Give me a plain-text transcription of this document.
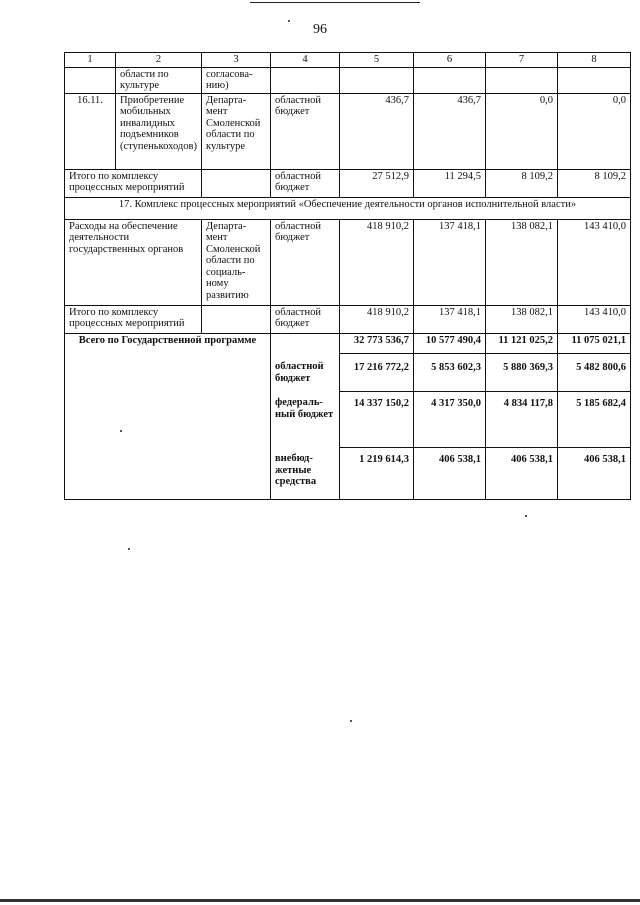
96
1	2	3	4	5	6	7	8
	области по культуре	согласова-нию)					
16.11.	Приобретение мобильных инвалидных подъемников (ступенькоходов)	Департа-мент Смоленской области по культуре	областной бюджет	436,7	436,7	0,0	0,0
Итого по комплексу процессных мероприятий			областной бюджет	27 512,9	11 294,5	8 109,2	8 109,2
17. Комплекс процессных мероприятий «Обеспечение деятельности органов исполнительной власти»							
Расходы на обеспечение деятельности государственных органов		Департа-мент Смоленской области по социаль-ному развитию	областной бюджет	418 910,2	137 418,1	138 082,1	143 410,0
Итого по комплексу процессных мероприятий			областной бюджет	418 910,2	137 418,1	138 082,1	143 410,0
Всего по Государственной программе				32 773 536,7	10 577 490,4	11 121 025,2	11 075 021,1
			областной бюджет	17 216 772,2	5 853 602,3	5 880 369,3	5 482 800,6
			федераль-ный бюджет	14 337 150,2	4 317 350,0	4 834 117,8	5 185 682,4
			внебюд-жетные средства	1 219 614,3	406 538,1	406 538,1	406 538,1
